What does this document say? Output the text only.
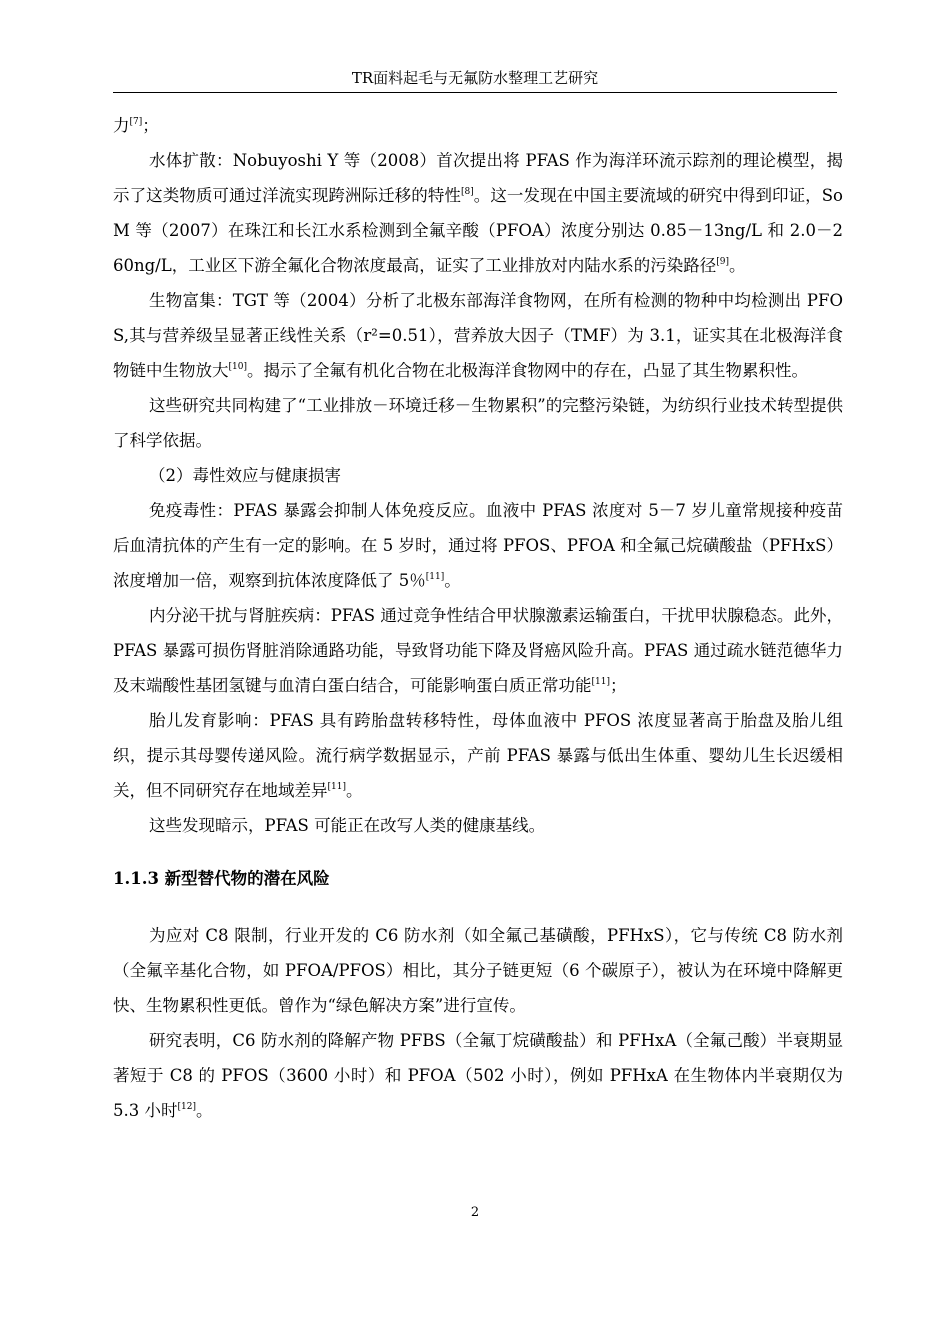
TR面料起毛与无氟防水整理工艺研究

力[7]；

水体扩散：Nobuyoshi Y 等（2008）首次提出将 PFAS 作为海洋环流示踪剂的理论模型，揭示了这类物质可通过洋流实现跨洲际迁移的特性[8]。这一发现在中国主要流域的研究中得到印证，So M 等（2007）在珠江和长江水系检测到全氟辛酸（PFOA）浓度分别达 0.85－13ng/L 和 2.0－260ng/L，工业区下游全氟化合物浓度最高，证实了工业排放对内陆水系的污染路径[9]。

生物富集：TGT 等（2004）分析了北极东部海洋食物网，在所有检测的物种中均检测出 PFOS,其与营养级呈显著正线性关系（r²=0.51），营养放大因子（TMF）为 3.1，证实其在北极海洋食物链中生物放大[10]。揭示了全氟有机化合物在北极海洋食物网中的存在，凸显了其生物累积性。

这些研究共同构建了“工业排放－环境迁移－生物累积”的完整污染链，为纺织行业技术转型提供了科学依据。

（2）毒性效应与健康损害

免疫毒性：PFAS 暴露会抑制人体免疫反应。血液中 PFAS 浓度对 5－7 岁儿童常规接种疫苗后血清抗体的产生有一定的影响。在 5 岁时，通过将 PFOS、PFOA 和全氟己烷磺酸盐（PFHxS）浓度增加一倍，观察到抗体浓度降低了 5％[11]。

内分泌干扰与肾脏疾病：PFAS 通过竞争性结合甲状腺激素运输蛋白，干扰甲状腺稳态。此外，PFAS 暴露可损伤肾脏消除通路功能，导致肾功能下降及肾癌风险升高。PFAS 通过疏水链范德华力及末端酸性基团氢键与血清白蛋白结合，可能影响蛋白质正常功能[11]；

胎儿发育影响：PFAS 具有跨胎盘转移特性，母体血液中 PFOS 浓度显著高于胎盘及胎儿组织，提示其母婴传递风险。流行病学数据显示，产前 PFAS 暴露与低出生体重、婴幼儿生长迟缓相关，但不同研究存在地域差异[11]。

这些发现暗示，PFAS 可能正在改写人类的健康基线。

1.1.3 新型替代物的潜在风险

为应对 C8 限制，行业开发的 C6 防水剂（如全氟己基磺酸，PFHxS），它与传统 C8 防水剂（全氟辛基化合物，如 PFOA/PFOS）相比，其分子链更短（6 个碳原子），被认为在环境中降解更快、生物累积性更低。曾作为“绿色解决方案”进行宣传。

研究表明，C6 防水剂的降解产物 PFBS（全氟丁烷磺酸盐）和 PFHxA（全氟己酸）半衰期显著短于 C8 的 PFOS（3600 小时）和 PFOA（502 小时），例如 PFHxA 在生物体内半衰期仅为 5.3 小时[12]。

2
